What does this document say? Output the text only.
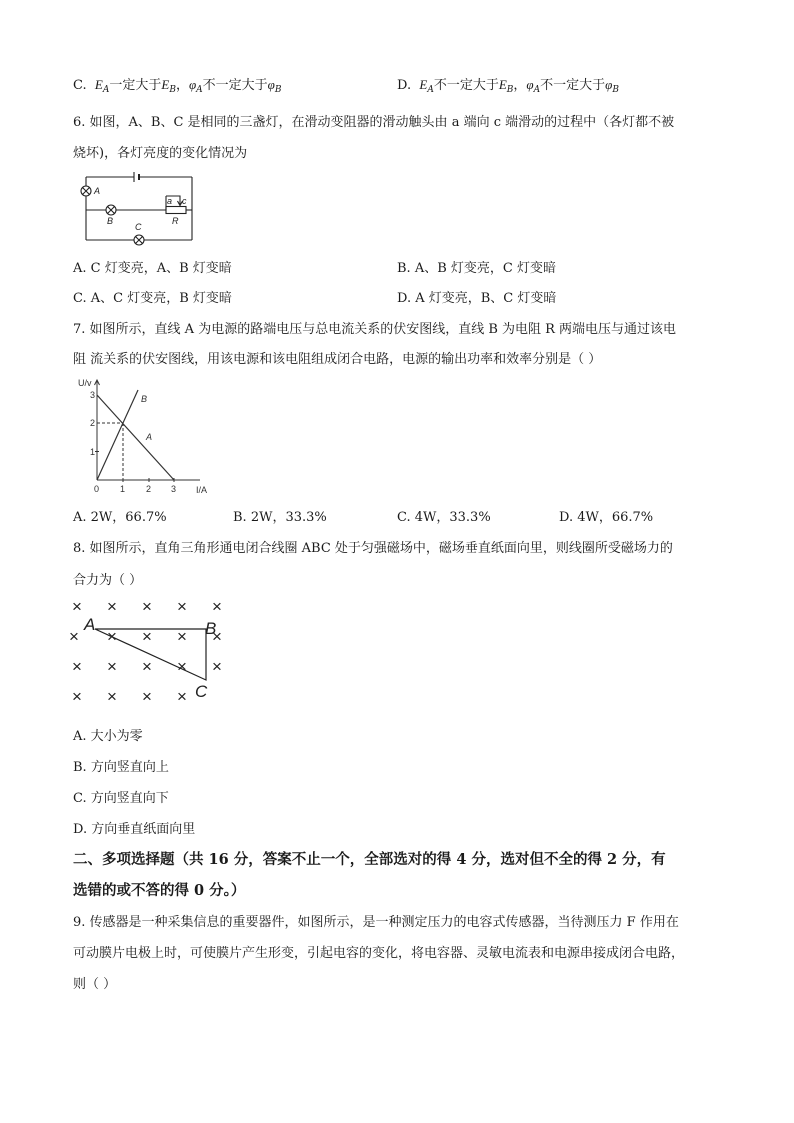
C. $E_A$一定大于$E_B$，$\varphi_A$不一定大于$\varphi_B$	D. $E_A$不一定大于$E_B$，$\varphi_A$不一定大于$\varphi_B$
6. 如图，A、B、C 是相同的三盏灯，在滑动变阻器的滑动触头由 a 端向 c 端滑动的过程中（各灯都不被
烧坏)，各灯亮度的变化情况为
A
B
C
a c
R
A. C 灯变亮，A、B 灯变暗	B. A、B 灯变亮，C 灯变暗
C. A、C 灯变亮，B 灯变暗	D. A 灯变亮，B、C 灯变暗
7. 如图所示，直线 A 为电源的路端电压与总电流关系的伏安图线，直线 B 为电阻 R 两端电压与通过该电
阻 流关系的伏安图线，用该电源和该电阻组成闭合电路，电源的输出功率和效率分别是（ ）
U/v
I/A
3
2
1
0 1 2 3
A
B
A. 2W，66.7%	B. 2W，33.3%	C. 4W，33.3%	D. 4W，66.7%
8. 如图所示，直角三角形通电闭合线圈 ABC 处于匀强磁场中，磁场垂直纸面向里，则线圈所受磁场力的
合力为（ ）
× × × × ×
× × × ×
× × × × ×
× × × ×
×
A	B
C
A. 大小为零
B. 方向竖直向上
C. 方向竖直向下
D. 方向垂直纸面向里
二、多项选择题（共 16 分，答案不止一个，全部选对的得 4 分，选对但不全的得 2 分，有
选错的或不答的得 0 分。）
9. 传感器是一种采集信息的重要器件，如图所示，是一种测定压力的电容式传感器，当待测压力 F 作用在
可动膜片电极上时，可使膜片产生形变，引起电容的变化，将电容器、灵敏电流表和电源串接成闭合电路，
则（ ）
